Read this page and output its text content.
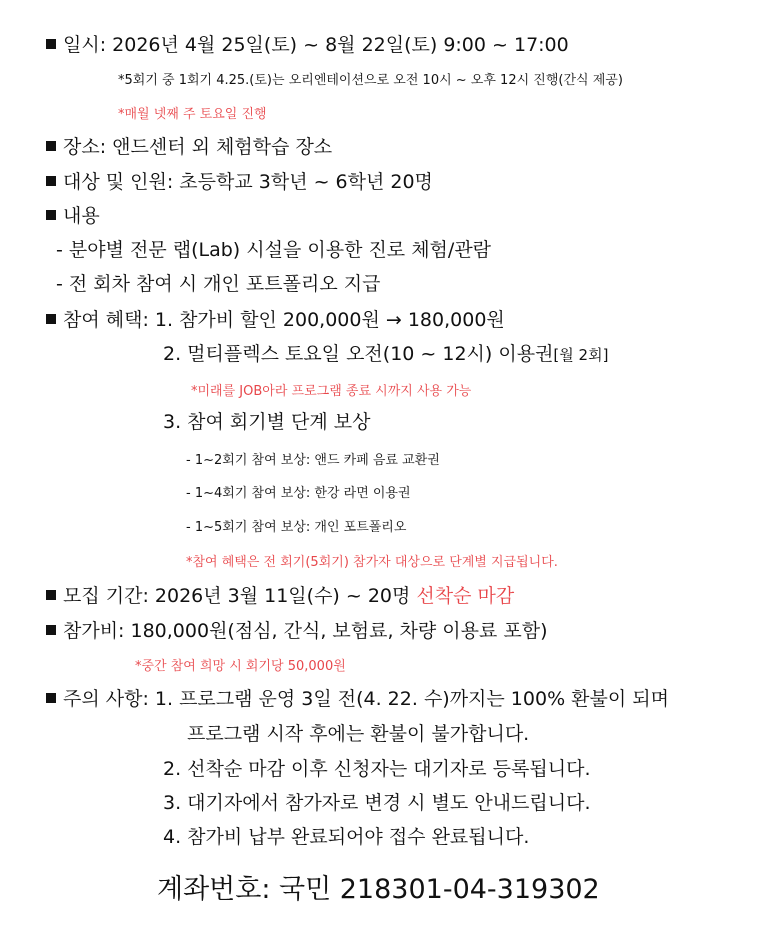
일시: 2026년 4월 25일(토) ~ 8월 22일(토) 9:00 ~ 17:00
*5회기 중 1회기 4.25.(토)는 오리엔테이션으로 오전 10시 ~ 오후 12시 진행(간식 제공)
*매월 넷째 주 토요일 진행
장소: 앤드센터 외 체험학습 장소
대상 및 인원: 초등학교 3학년 ~ 6학년 20명
내용
- 분야별 전문 랩(Lab) 시설을 이용한 진로 체험/관람
- 전 회차 참여 시 개인 포트폴리오 지급
참여 혜택: 1. 참가비 할인 200,000원 → 180,000원
2. 멀티플렉스 토요일 오전(10 ~ 12시) 이용권[월 2회]
*미래를 JOB아라 프로그램 종료 시까지 사용 가능
3. 참여 회기별 단계 보상
- 1~2회기 참여 보상: 앤드 카페 음료 교환권
- 1~4회기 참여 보상: 한강 라면 이용권
- 1~5회기 참여 보상: 개인 포트폴리오
*참여 혜택은 전 회기(5회기) 참가자 대상으로 단계별 지급됩니다.
모집 기간: 2026년 3월 11일(수) ~ 20명 선착순 마감
참가비: 180,000원(점심, 간식, 보험료, 차량 이용료 포함)
*중간 참여 희망 시 회기당 50,000원
주의 사항: 1. 프로그램 운영 3일 전(4. 22. 수)까지는 100% 환불이 되며
프로그램 시작 후에는 환불이 불가합니다.
2. 선착순 마감 이후 신청자는 대기자로 등록됩니다.
3. 대기자에서 참가자로 변경 시 별도 안내드립니다.
4. 참가비 납부 완료되어야 접수 완료됩니다.
계좌번호: 국민 218301-04-319302
